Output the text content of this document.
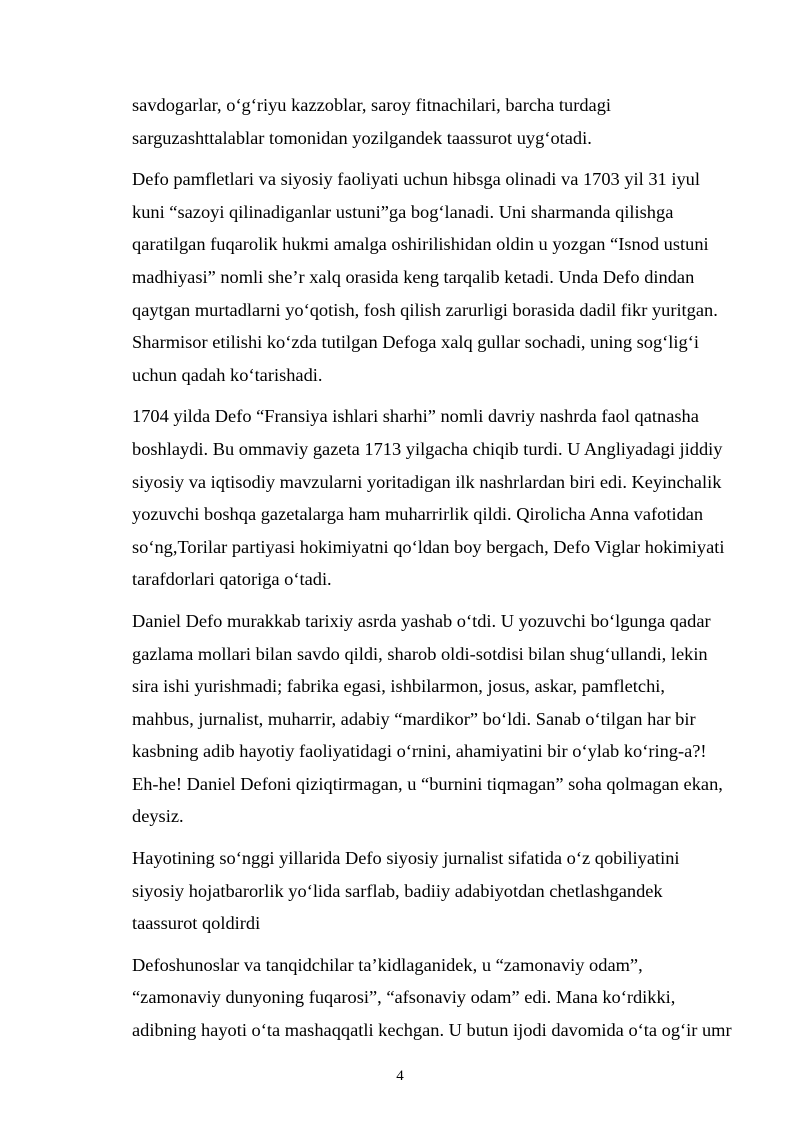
savdogarlar, o‘g‘riyu kazzoblar, saroy fitnachilari, barcha turdagi
sarguzashttalablar tomonidan yozilgandek taassurot uyg‘otadi.

Defo pamfletlari va siyosiy faoliyati uchun hibsga olinadi va 1703 yil 31 iyul
kuni “sazoyi qilinadiganlar ustuni”ga bog‘lanadi. Uni sharmanda qilishga
qaratilgan fuqarolik hukmi amalga oshirilishidan oldin u yozgan “Isnod ustuni
madhiyasi” nomli she’r xalq orasida keng tarqalib ketadi. Unda Defo dindan
qaytgan murtadlarni yo‘qotish, fosh qilish zarurligi borasida dadil fikr yuritgan.
Sharmisor etilishi ko‘zda tutilgan Defoga xalq gullar sochadi, uning sog‘lig‘i
uchun qadah ko‘tarishadi.

1704 yilda Defo “Fransiya ishlari sharhi” nomli davriy nashrda faol qatnasha
boshlaydi. Bu ommaviy gazeta 1713 yilgacha chiqib turdi. U Angliyadagi jiddiy
siyosiy va iqtisodiy mavzularni yoritadigan ilk nashrlardan biri edi. Keyinchalik
yozuvchi boshqa gazetalarga ham muharrirlik qildi. Qirolicha Anna vafotidan
so‘ng,Torilar partiyasi hokimiyatni qo‘ldan boy bergach, Defo Viglar hokimiyati
tarafdorlari qatoriga o‘tadi.

Daniel Defo murakkab tarixiy asrda yashab o‘tdi. U yozuvchi bo‘lgunga qadar
gazlama mollari bilan savdo qildi, sharob oldi-sotdisi bilan shug‘ullandi, lekin
sira ishi yurishmadi; fabrika egasi, ishbilarmon, josus, askar, pamfletchi,
mahbus, jurnalist, muharrir, adabiy “mardikor” bo‘ldi. Sanab o‘tilgan har bir
kasbning adib hayotiy faoliyatidagi o‘rnini, ahamiyatini bir o‘ylab ko‘ring-a?!
Eh-he! Daniel Defoni qiziqtirmagan, u “burnini tiqmagan” soha qolmagan ekan,
deysiz.

Hayotining so‘nggi yillarida Defo siyosiy jurnalist sifatida o‘z qobiliyatini
siyosiy hojatbarorlik yo‘lida sarflab, badiiy adabiyotdan chetlashgandek
taassurot qoldirdi

Defoshunoslar va tanqidchilar ta’kidlaganidek, u “zamonaviy odam”,
“zamonaviy dunyoning fuqarosi”, “afsonaviy odam” edi. Mana ko‘rdikki,
adibning hayoti o‘ta mashaqqatli kechgan. U butun ijodi davomida o‘ta og‘ir umr

4
